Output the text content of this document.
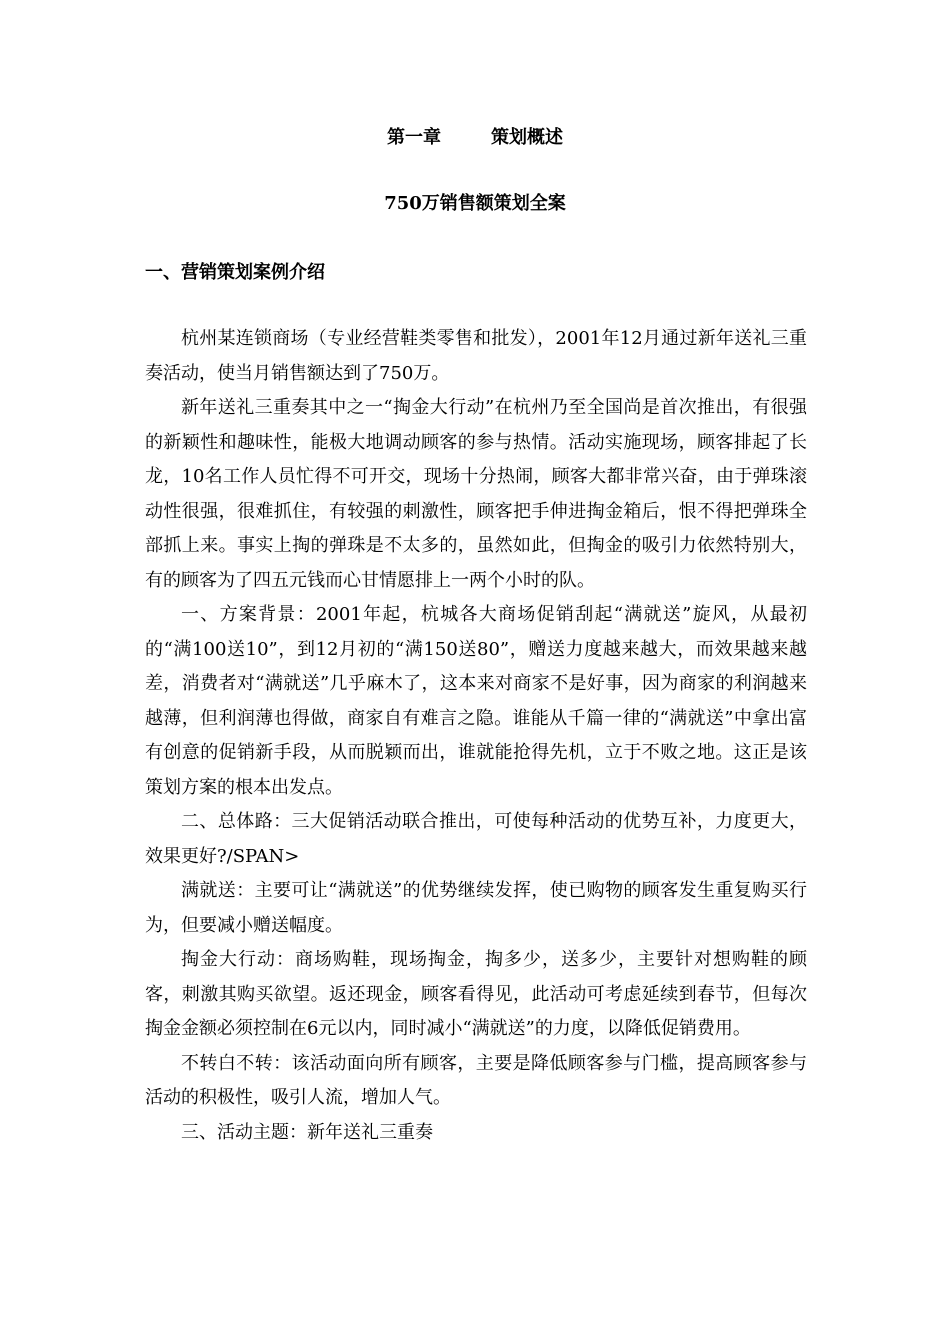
第一章	策划概述
750万销售额策划全案
一、营销策划案例介绍

杭州某连锁商场（专业经营鞋类零售和批发），2001年12月通过新年送礼三重奏活动，使当月销售额达到了750万。

新年送礼三重奏其中之一“掏金大行动”在杭州乃至全国尚是首次推出，有很强的新颖性和趣味性，能极大地调动顾客的参与热情。活动实施现场，顾客排起了长龙，10名工作人员忙得不可开交，现场十分热闹，顾客大都非常兴奋，由于弹珠滚动性很强，很难抓住，有较强的刺激性，顾客把手伸进掏金箱后，恨不得把弹珠全部抓上来。事实上掏的弹珠是不太多的，虽然如此，但掏金的吸引力依然特别大，有的顾客为了四五元钱而心甘情愿排上一两个小时的队。

一、方案背景：2001年起，杭城各大商场促销刮起“满就送”旋风，从最初的“满100送10”，到12月初的“满150送80”，赠送力度越来越大，而效果越来越差，消费者对“满就送”几乎麻木了，这本来对商家不是好事，因为商家的利润越来越薄，但利润薄也得做，商家自有难言之隐。谁能从千篇一律的“满就送”中拿出富有创意的促销新手段，从而脱颖而出，谁就能抢得先机，立于不败之地。这正是该策划方案的根本出发点。

二、总体路：三大促销活动联合推出，可使每种活动的优势互补，力度更大，效果更好?/SPAN>

满就送：主要可让“满就送”的优势继续发挥，使已购物的顾客发生重复购买行为，但要减小赠送幅度。

掏金大行动：商场购鞋，现场掏金，掏多少，送多少，主要针对想购鞋的顾客，刺激其购买欲望。返还现金，顾客看得见，此活动可考虑延续到春节，但每次掏金金额必须控制在6元以内，同时减小“满就送”的力度，以降低促销费用。

不转白不转：该活动面向所有顾客，主要是降低顾客参与门槛，提高顾客参与活动的积极性，吸引人流，增加人气。

三、活动主题：新年送礼三重奏
